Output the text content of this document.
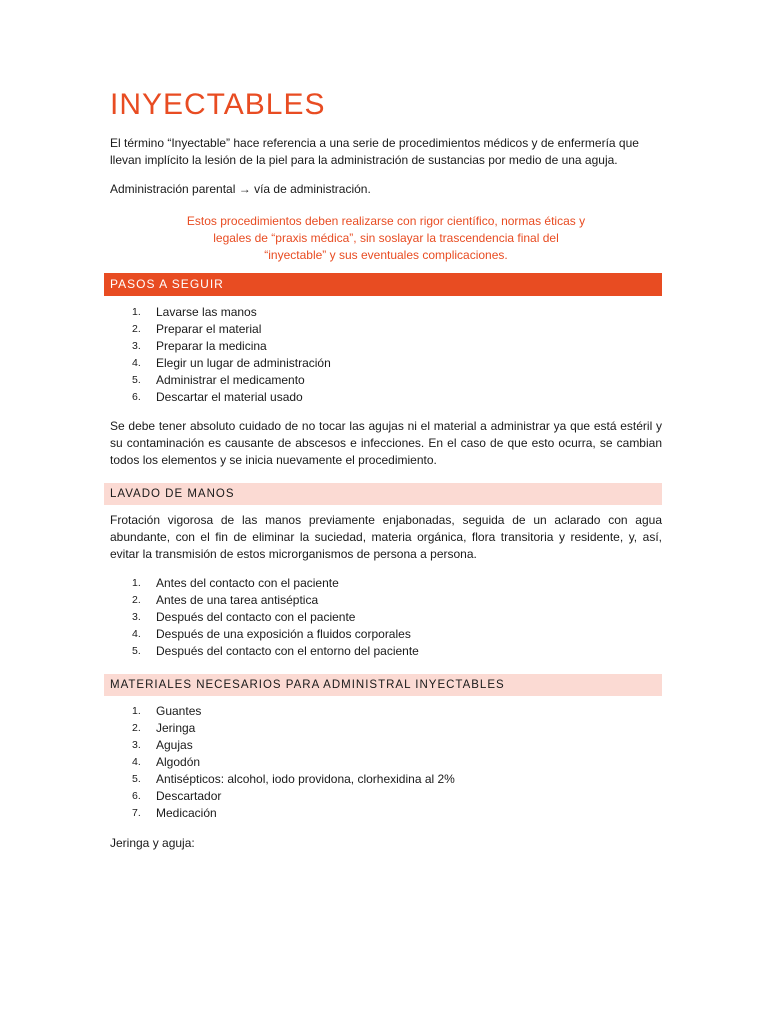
INYECTABLES

El término “Inyectable” hace referencia a una serie de procedimientos médicos y de enfermería que llevan implícito la lesión de la piel para la administración de sustancias por medio de una aguja.

Administración parental → vía de administración.

Estos procedimientos deben realizarse con rigor científico, normas éticas y
legales de “praxis médica”, sin soslayar la trascendencia final del
“inyectable” y sus eventuales complicaciones.
PASOS A SEGUIR
1. Lavarse las manos
2. Preparar el material
3. Preparar la medicina
4. Elegir un lugar de administración
5. Administrar el medicamento
6. Descartar el material usado

Se debe tener absoluto cuidado de no tocar las agujas ni el material a administrar ya que está estéril y su contaminación es causante de abscesos e infecciones. En el caso de que esto ocurra, se cambian todos los elementos y se inicia nuevamente el procedimiento.

LAVADO DE MANOS

Frotación vigorosa de las manos previamente enjabonadas, seguida de un aclarado con agua abundante, con el fin de eliminar la suciedad, materia orgánica, flora transitoria y residente, y, así, evitar la transmisión de estos microrganismos de persona a persona.

1. Antes del contacto con el paciente
2. Antes de una tarea antiséptica
3. Después del contacto con el paciente
4. Después de una exposición a fluidos corporales
5. Después del contacto con el entorno del paciente
MATERIALES NECESARIOS PARA ADMINISTRAL INYECTABLES
1. Guantes
2. Jeringa
3. Agujas
4. Algodón
5. Antisépticos: alcohol, iodo providona, clorhexidina al 2%
6. Descartador
7. Medicación

Jeringa y aguja:
